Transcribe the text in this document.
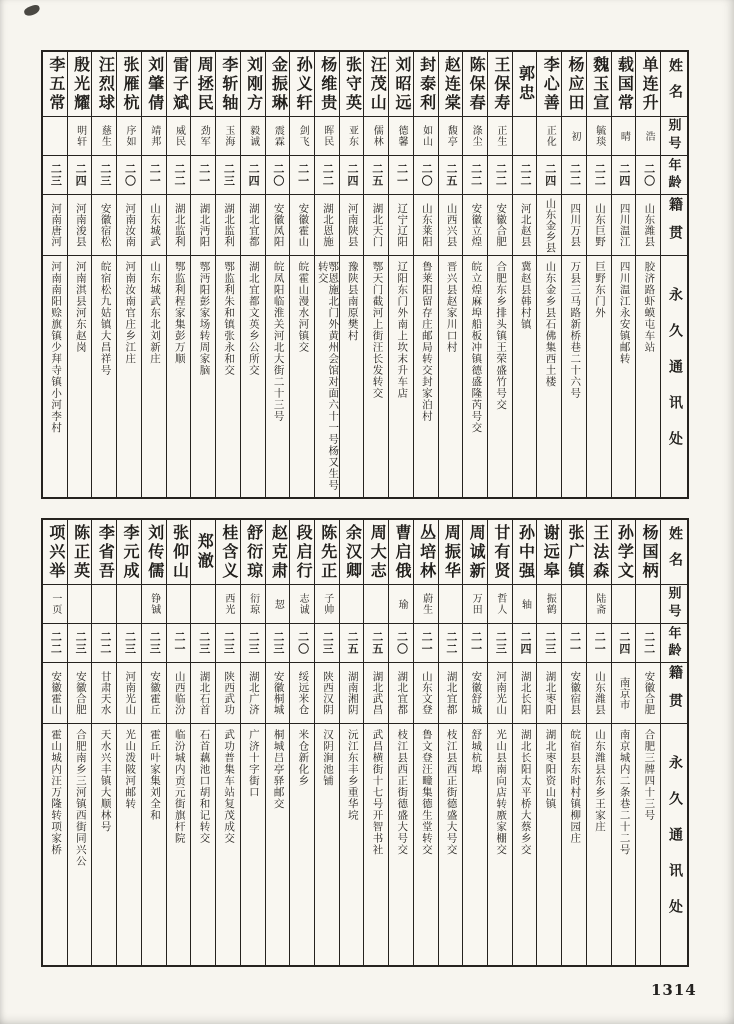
姓名
别号
年龄
籍贯
永久通讯处
单连升
浩
二〇
山东潍县
胶济路虾蟆屯车站
载国常
晴
二四
四川温江
四川温江永安镇邮转
魏玉宣
毓琰
二二
山东巨野
巨野东门外
杨应田
初
二二
四川万县
万县三马路新桥巷二十六号
李心善
正化
二四
山东金乡县
山东金乡县石佛集西土楼
郭忠
二二
河北赵县
冀赵县韩村镇
王保寿
正生
二二
安徽合肥
合肥东乡排头镇王荣盛竹号交
陈保春
涤尘
二二
安徽立煌
皖立煌麻埠船板冲镇德盛隆芮号交
赵连棠
馥亭
二五
山西兴县
晋兴县赵家川口村
封泰利
如山
二〇
山东莱阳
鲁莱阳留存庄邮局转交封家泊村
刘昭远
德馨
二一
辽宁辽阳
辽阳东门外南上坎末升车店
汪茂山
儒林
二五
湖北天门
鄂天门截河上街汪长发转交
张守英
亚东
二四
河南陕县
豫陕县南原樊村
杨维贵
晖民
二二
湖北恩施
鄂恩施北门外黄州会馆对面六十一号杨又生号转交
孙义轩
剑飞
二一
安徽霍山
皖霍山漫水河镇交
金振琳
震霖
二〇
安徽凤阳
皖凤阳临淮关河北大街二十三号
刘刚方
毅诚
二四
湖北宜都
湖北宜都文英乡公所交
李斩轴
玉海
二三
湖北监利
鄂监利朱和镇张永和交
周拯民
劲军
二一
湖北沔阳
鄂沔阳彭家场转周家脑
雷子斌
威民
二二
湖北监利
鄂监利程家集彭万顺
刘肇倩
靖邦
二一
山东城武
山东城武东北刘新庄
张雁杭
序如
二〇
河南汝南
河南汝南官庄乡江庄
汪烈球
慈生
二三
安徽宿松
皖宿松九姑镇大昌祥号
殷光耀
明轩
二四
河南浚县
河南淇县河东赵岗
李五常
二三
河南唐河
河南南阳赊旗镇少拜寺镇小河李村
姓名
别号
年龄
籍贯
永久通讯处
杨国柄
二二
安徽合肥
合肥三牌四十三号
孙学文
二四
南京市
南京城内二条巷二十二号
王法森
陆斋
二一
山东潍县
山东潍县东乡王家庄
张广镇
二一
安徽宿县
皖宿县东时村镇柳园庄
谢远皋
振鹤
二三
湖北枣阳
湖北枣阳资山镇
孙中强
轴
二四
湖北长阳
湖北长阳太平桥大蔡乡交
甘有贤
哲人
二三
河南光山
光山县南向店转廒家棚交
周诚新
万田
二一
安徽舒城
舒城杭埠
周振华
二二
湖北宜都
枝江县西正街德盛大号交
丛培林
蔚生
二一
山东文登
鲁文登汪疃集德生堂转交
曹启俄
瑜
二〇
湖北宜都
枝江县西正街德盛大号交
周大志
二五
湖北武昌
武昌横街十七号开智书社
余汉卿
二五
湖南湘阴
沅江东丰乡重华垸
陈先正
子帅
二三
陕西汉阴
汉阴涧池铺
段启行
志诚
二〇
绥远米仓
米仓新化乡
赵克肃
恝
二三
安徽桐城
桐城吕亭驿邮交
舒衍琼
衍琼
二三
湖北广济
广济十字街口
桂含义
西光
二三
陕西武功
武功普集车站复茂成交
郑澈
二三
湖北石首
石首藕池口胡和记转交
张仰山
二一
山西临汾
临汾城内贡元街旗杆院
刘传儒
铮铖
二三
安徽霍丘
霍丘叶家集刘全和
李元成
二三
河南光山
光山泼陂河邮转
李省吾
二二
甘肃天水
天水兴丰镇大顺林号
陈正英
二三
安徽合肥
合肥南乡三河镇西街同兴公
项兴举
一页
二二
安徽霍山
霍山城内汪万隆转项家桥
1314
